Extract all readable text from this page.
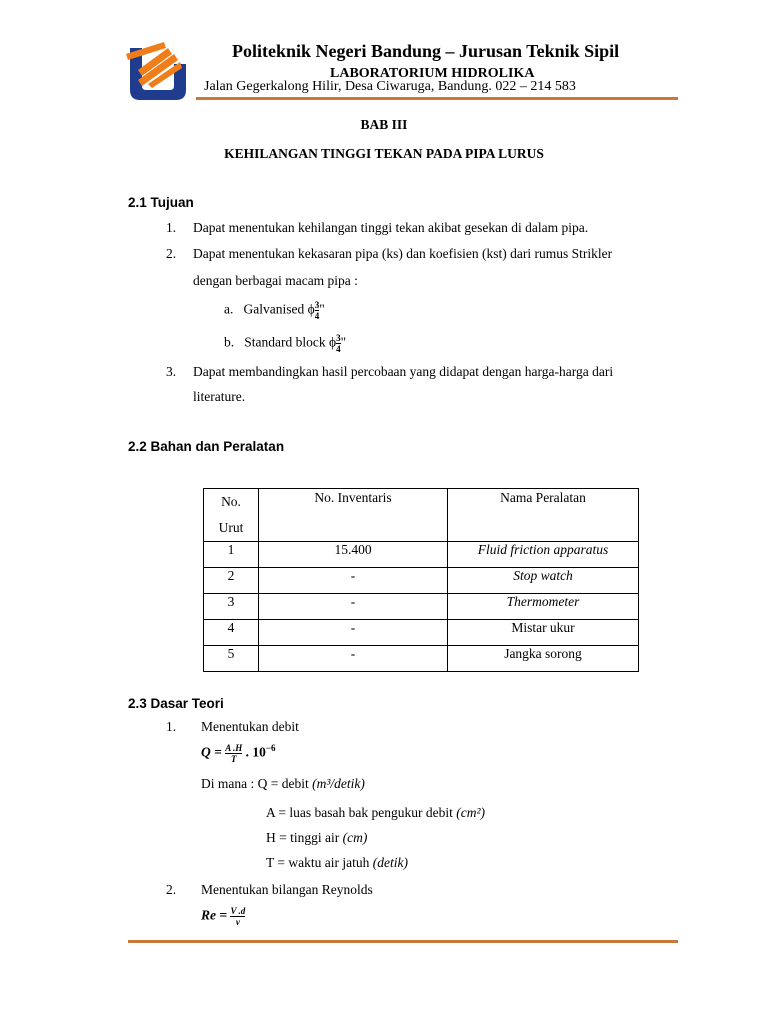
Politeknik Negeri Bandung – Jurusan Teknik Sipil
LABORATORIUM HIDROLIKA
Jalan Gegerkalong Hilir, Desa Ciwaruga, Bandung. 022 – 214 583
BAB III
KEHILANGAN TINGGI TEKAN PADA PIPA LURUS
2.1 Tujuan
1. Dapat menentukan kehilangan tinggi tekan akibat gesekan di dalam pipa.
2. Dapat menentukan kekasaran pipa (ks) dan koefisien (kst) dari rumus Strikler
dengan berbagai macam pipa :
a. Galvanised ϕ $\frac{3}{4}$ "
b. Standard block ϕ $\frac{3}{4}$ "
3. Dapat membandingkan hasil percobaan yang didapat dengan harga-harga dari
literature.
2.2 Bahan dan Peralatan
No.
Urut	No. Inventaris	Nama Peralatan
1	15.400	Fluid friction apparatus
2	-	Stop watch
3	-	Thermometer
4	-	Mistar ukur
5	-	Jangka sorong
2.3 Dasar Teori
1. Menentukan debit
$Q = \frac{A .H}{T}$ . $10^{-6}$
Di mana : Q = debit (m³/detik)
A = luas basah bak pengukur debit (cm²)
H = tinggi air (cm)
T = waktu air jatuh (detik)
2. Menentukan bilangan Reynolds
$Re = \frac{V .d}{v}$
